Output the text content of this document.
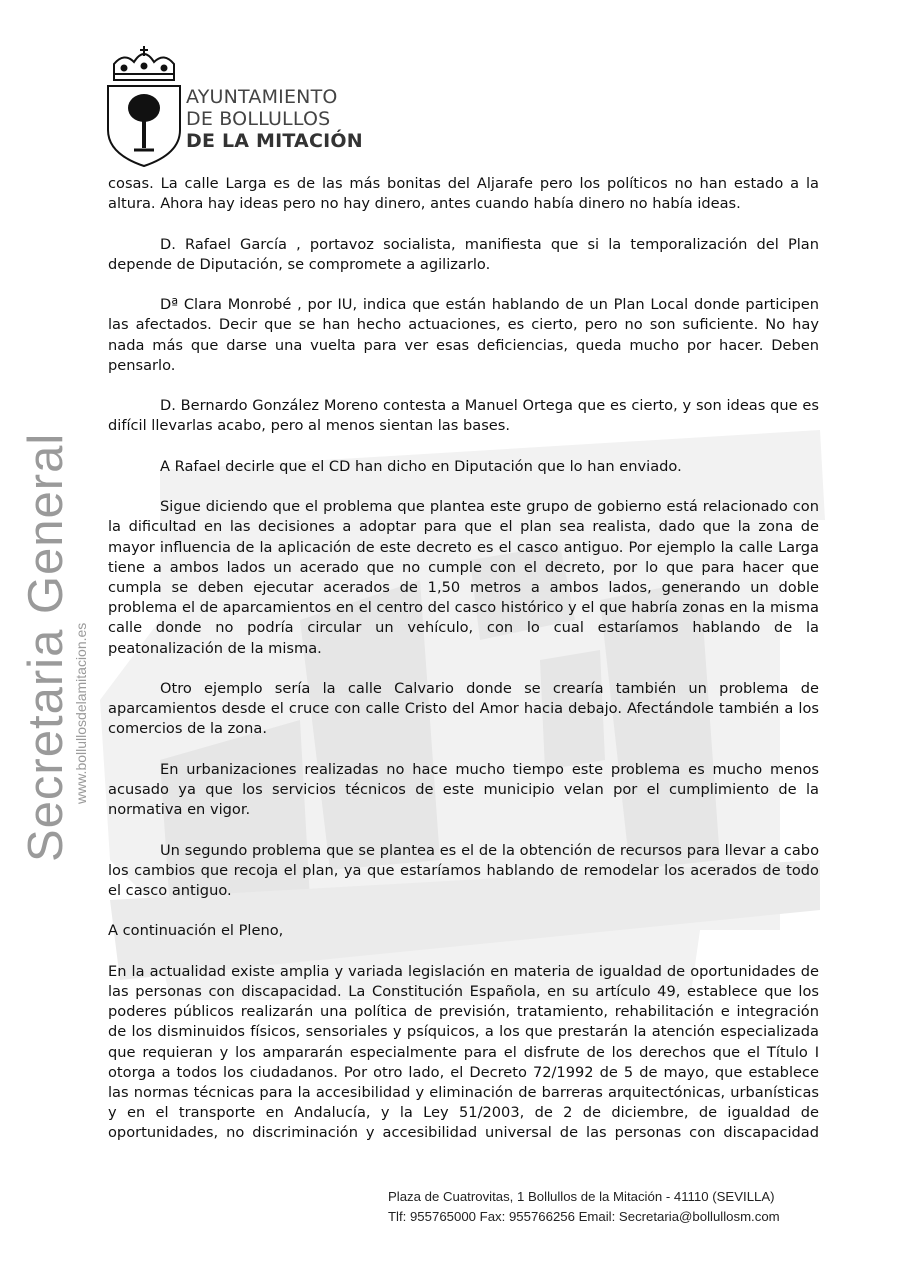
AYUNTAMIENTO
DE BOLLULLOS
DE LA MITACIÓN
Secretaria General www.bollullosdelamitacion.es

cosas. La calle Larga es de las más bonitas del Aljarafe pero los políticos no han estado a la altura. Ahora hay ideas pero no hay dinero, antes cuando había dinero no había ideas.

D. Rafael García , portavoz socialista, manifiesta que si la temporalización del Plan depende de Diputación, se compromete a agilizarlo.

Dª Clara Monrobé , por IU, indica que están hablando de un Plan Local donde participen las afectados. Decir que se han hecho actuaciones, es cierto, pero no son suficiente. No hay nada más que darse una vuelta para ver esas deficiencias, queda mucho por hacer. Deben pensarlo.

D. Bernardo González Moreno contesta a Manuel Ortega que es cierto, y son ideas que es difícil llevarlas acabo, pero al menos sientan las bases.

A Rafael decirle que el CD han dicho en Diputación que lo han enviado.

Sigue diciendo que el problema que plantea este grupo de gobierno está relacionado con la dificultad en las decisiones a adoptar para que el plan sea realista, dado que la zona de mayor influencia de la aplicación de este decreto es el casco antiguo. Por ejemplo la calle Larga tiene a ambos lados un acerado que no cumple con el decreto, por lo que para hacer que cumpla se deben ejecutar acerados de 1,50 metros a ambos lados, generando un doble problema el de aparcamientos en el centro del casco histórico y el que habría zonas en la misma calle donde no podría circular un vehículo, con lo cual estaríamos hablando de la peatonalización de la misma.

Otro ejemplo sería la calle Calvario donde se crearía también un problema de aparcamientos desde el cruce con calle Cristo del Amor hacia debajo. Afectándole también a los comercios de la zona.

En urbanizaciones realizadas no hace mucho tiempo este problema es mucho menos acusado ya que los servicios técnicos de este municipio velan por el cumplimiento de la normativa en vigor.

Un segundo problema que se plantea es el de la obtención de recursos para llevar a cabo los cambios que recoja el plan, ya que estaríamos hablando de remodelar los acerados de todo el casco antiguo.

A continuación el Pleno,

En la actualidad existe amplia y variada legislación en materia de igualdad de oportunidades de las personas con discapacidad. La Constitución Española, en su artículo 49, establece que los poderes públicos realizarán una política de previsión, tratamiento, rehabilitación e integración de los disminuidos físicos, sensoriales y psíquicos, a los que prestarán la atención especializada que requieran y los ampararán especialmente para el disfrute de los derechos que el Título I otorga a todos los ciudadanos. Por otro lado, el Decreto 72/1992 de 5 de mayo, que establece las normas técnicas para la accesibilidad y eliminación de barreras arquitectónicas, urbanísticas y en el transporte en Andalucía, y la Ley 51/2003, de 2 de diciembre, de igualdad de oportunidades, no discriminación y accesibilidad universal de las personas con discapacidad

Plaza de Cuatrovitas, 1 Bollullos de la Mitación - 41110 (SEVILLA)
Tlf: 955765000 Fax: 955766256 Email: Secretaria@bollullosm.com
